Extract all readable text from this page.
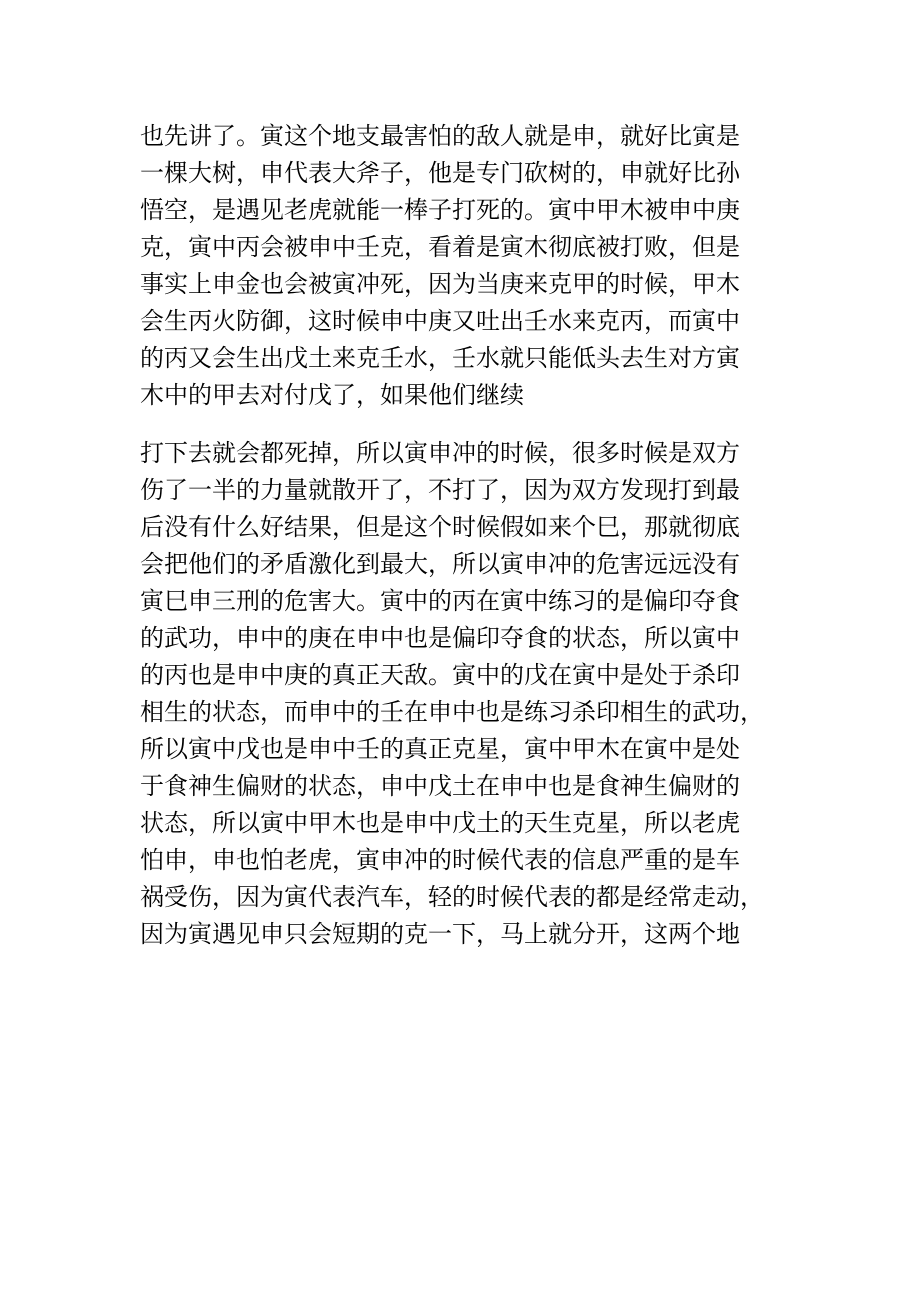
也先讲了。寅这个地支最害怕的敌人就是申，就好比寅是
一棵大树，申代表大斧子，他是专门砍树的，申就好比孙
悟空，是遇见老虎就能一棒子打死的。寅中甲木被申中庚
克，寅中丙会被申中壬克，看着是寅木彻底被打败，但是
事实上申金也会被寅冲死，因为当庚来克甲的时候，甲木
会生丙火防御，这时候申中庚又吐出壬水来克丙，而寅中
的丙又会生出戊土来克壬水，壬水就只能低头去生对方寅
木中的甲去对付戊了，如果他们继续
打下去就会都死掉，所以寅申冲的时候，很多时候是双方
伤了一半的力量就散开了，不打了，因为双方发现打到最
后没有什么好结果，但是这个时候假如来个巳，那就彻底
会把他们的矛盾激化到最大，所以寅申冲的危害远远没有
寅巳申三刑的危害大。寅中的丙在寅中练习的是偏印夺食
的武功，申中的庚在申中也是偏印夺食的状态，所以寅中
的丙也是申中庚的真正天敌。寅中的戊在寅中是处于杀印
相生的状态，而申中的壬在申中也是练习杀印相生的武功，
所以寅中戊也是申中壬的真正克星，寅中甲木在寅中是处
于食神生偏财的状态，申中戊土在申中也是食神生偏财的
状态，所以寅中甲木也是申中戊土的天生克星，所以老虎
怕申，申也怕老虎，寅申冲的时候代表的信息严重的是车
祸受伤，因为寅代表汽车，轻的时候代表的都是经常走动，
因为寅遇见申只会短期的克一下，马上就分开，这两个地
